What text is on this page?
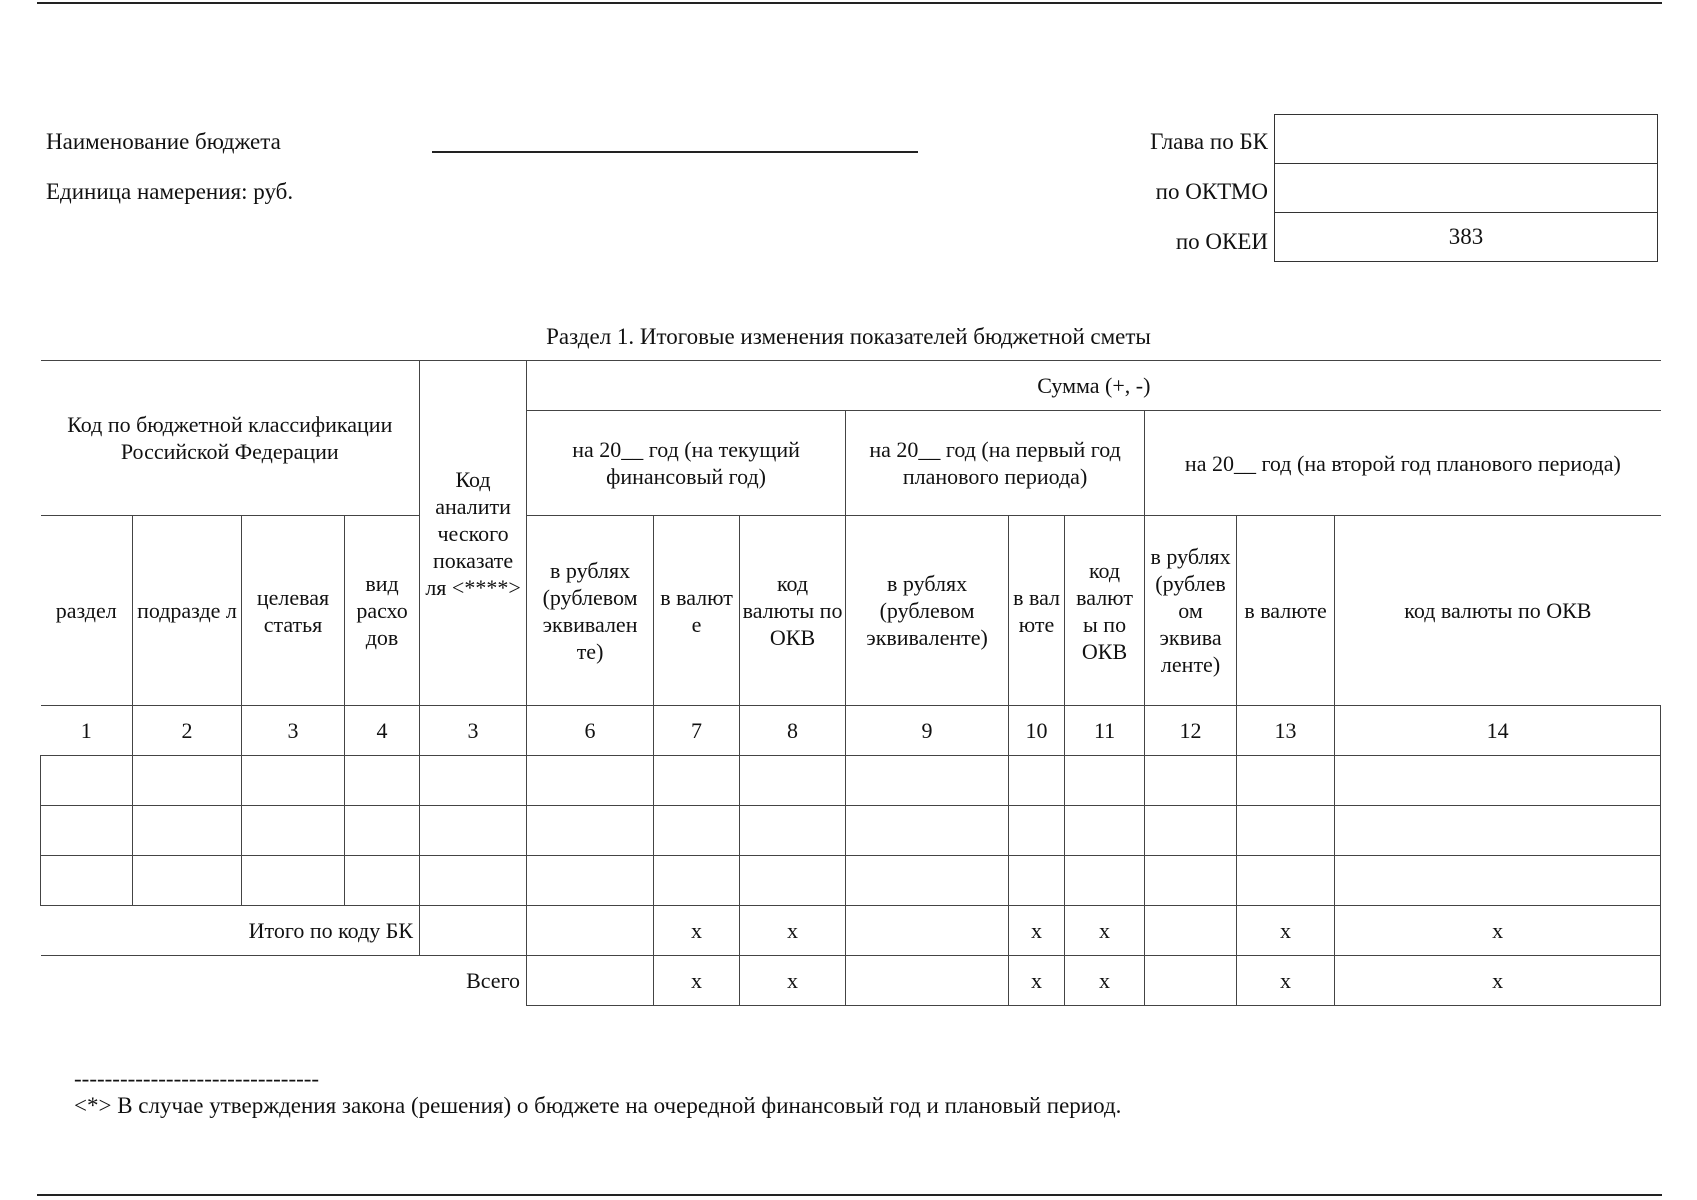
Наименование бюджета
Единица намерения: руб.
Глава по БК
по ОКТМО
по ОКЕИ	383
Раздел 1. Итоговые изменения показателей бюджетной сметы
Код по бюджетной классификации Российской Федерации				Код аналити ческого показате ля <****>	Сумма (+, -)								
					на 20__ год (на текущий финансовый год)			на 20__ год (на первый год планового периода)			на 20__ год (на второй год планового периода)		
раздел	подразде л	целевая статья	вид расхо дов		в рублях (рублевом эквивален те)	в валют е	код валюты по ОКВ	в рублях (рублевом эквиваленте)	в вал юте	код валют ы по ОКВ	в рублях (рублев ом эквива ленте)	в валюте	код валюты по ОКВ
1	2	3	4	3	6	7	8	9	10	11	12	13	14

Итого по коду БК						х	х		х	х		х	х
Всего						х	х		х	х		х	х
--------------------------------
<*> В случае утверждения закона (решения) о бюджете на очередной финансовый год и плановый период.
